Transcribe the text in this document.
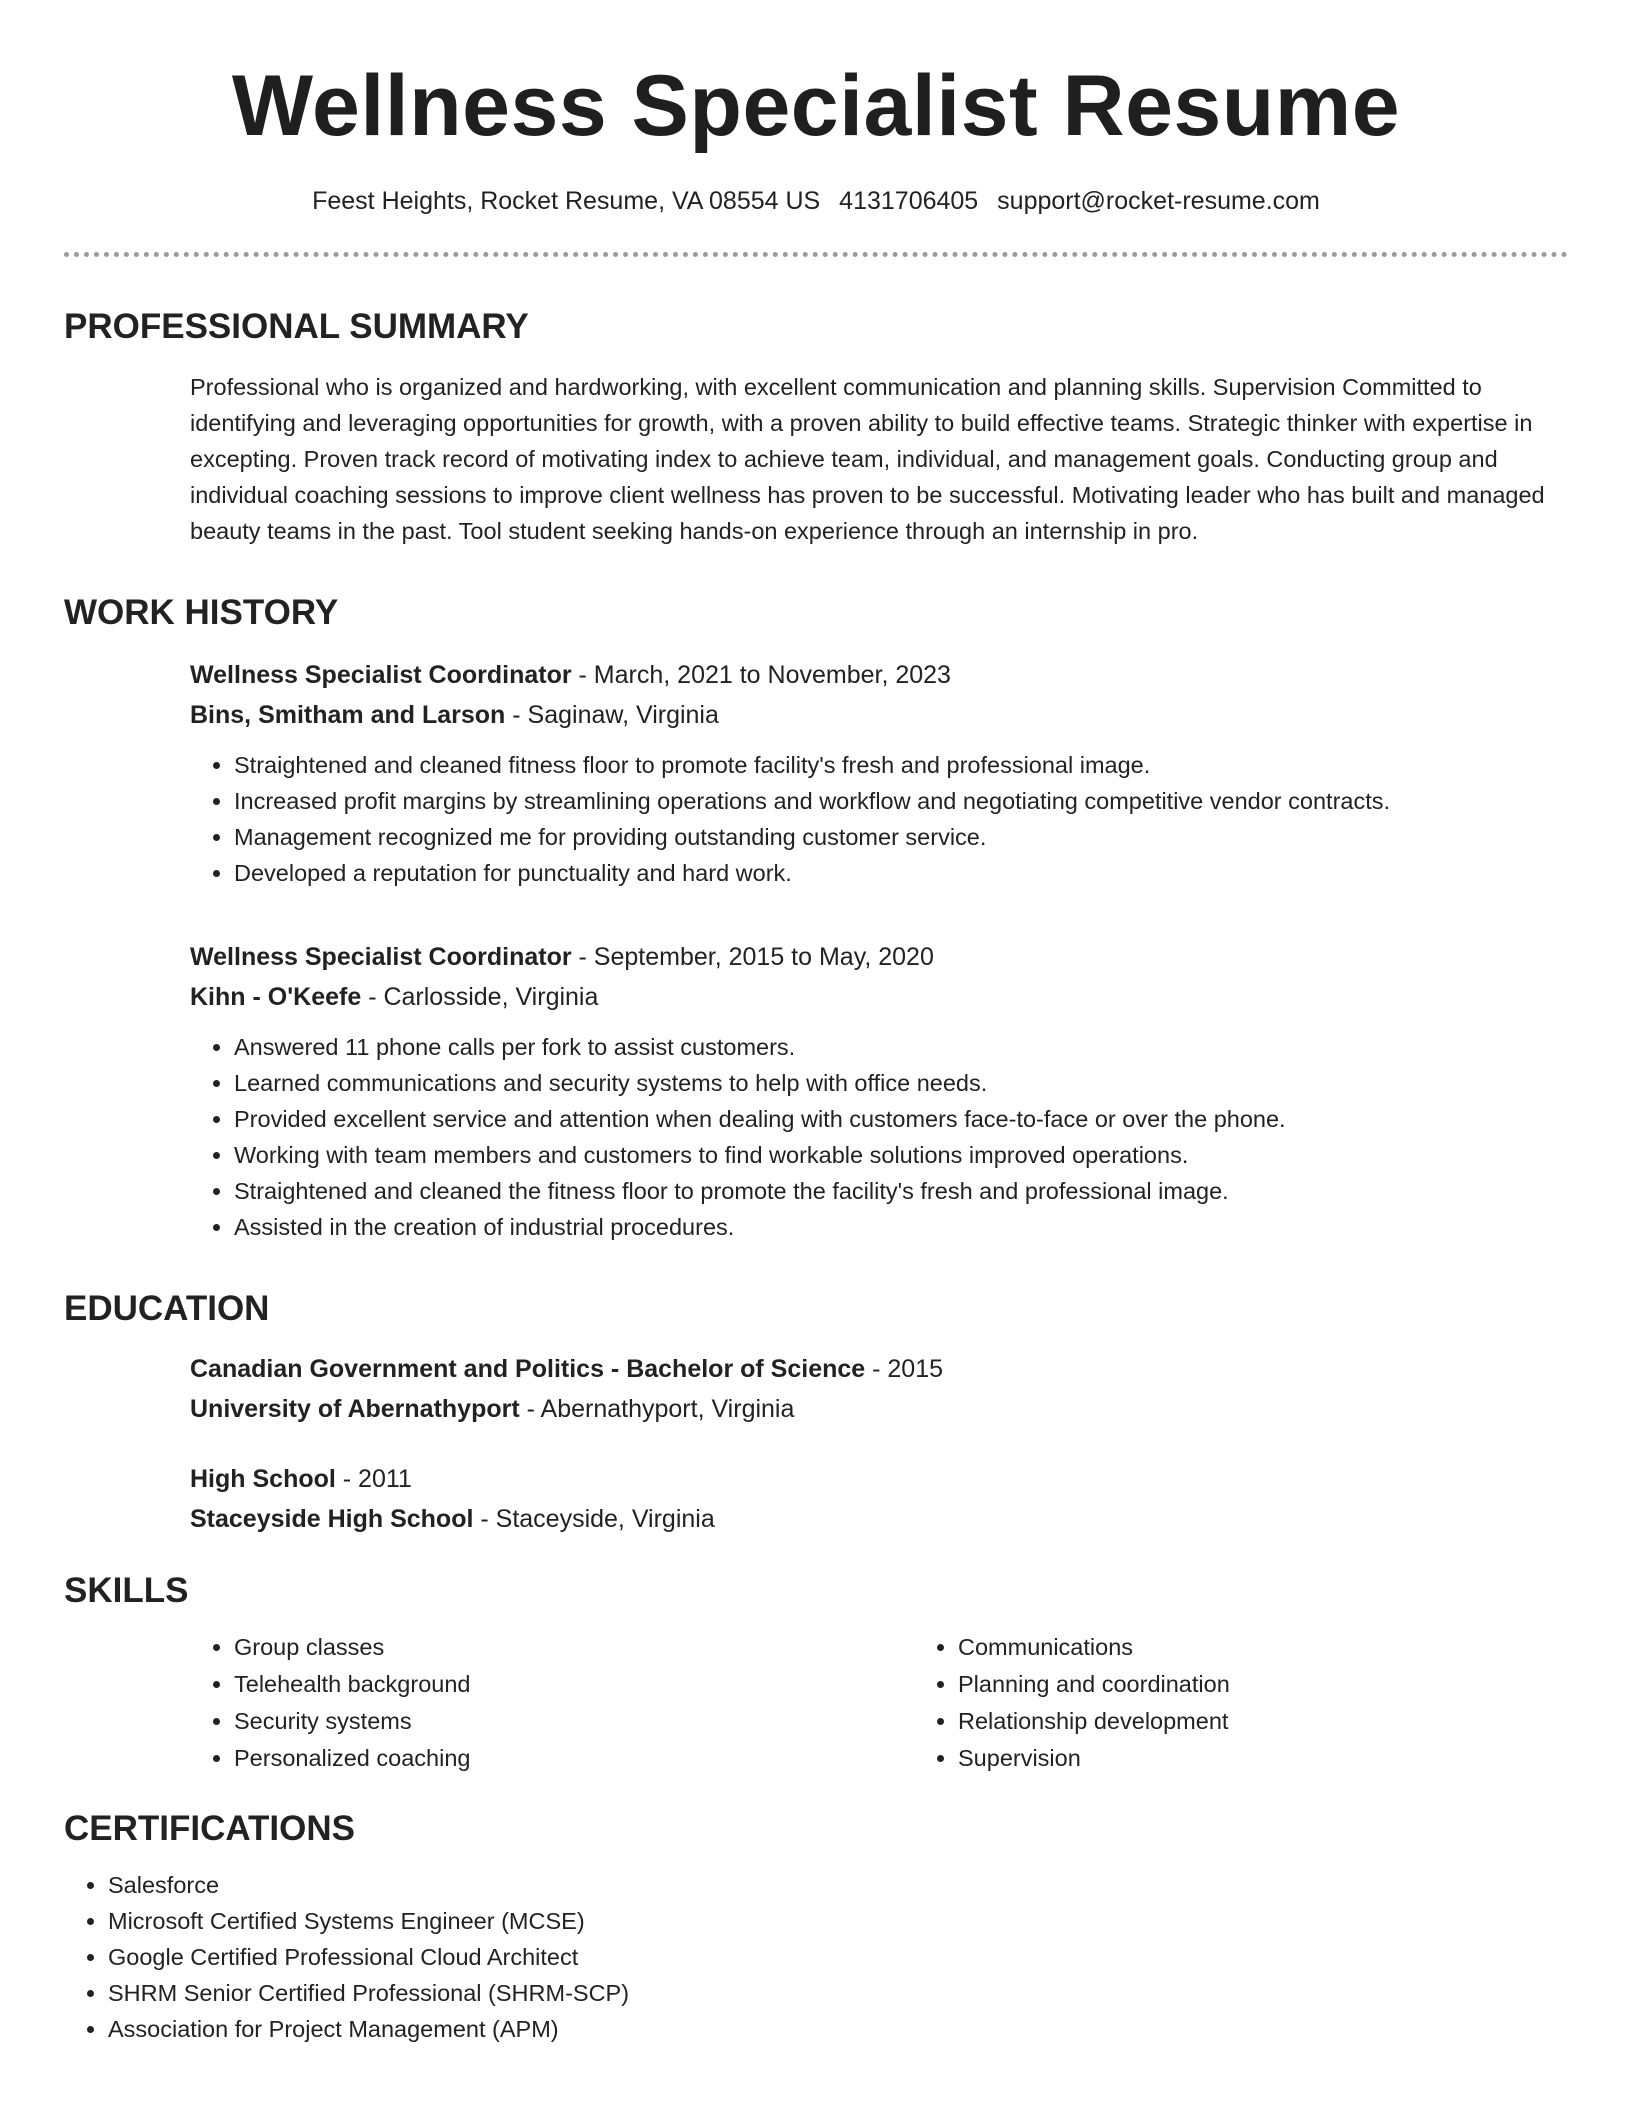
Wellness Specialist Resume
Feest Heights, Rocket Resume, VA 08554 US 4131706405 support@rocket-resume.com
PROFESSIONAL SUMMARY

Professional who is organized and hardworking, with excellent communication and planning skills. Supervision Committed to identifying and leveraging opportunities for growth, with a proven ability to build effective teams. Strategic thinker with expertise in excepting. Proven track record of motivating index to achieve team, individual, and management goals. Conducting group and individual coaching sessions to improve client wellness has proven to be successful. Motivating leader who has built and managed beauty teams in the past. Tool student seeking hands-on experience through an internship in pro.

WORK HISTORY
Wellness Specialist Coordinator - March, 2021 to November, 2023
Bins, Smitham and Larson - Saginaw, Virginia
• Straightened and cleaned fitness floor to promote facility's fresh and professional image.
• Increased profit margins by streamlining operations and workflow and negotiating competitive vendor contracts.
• Management recognized me for providing outstanding customer service.
• Developed a reputation for punctuality and hard work.
Wellness Specialist Coordinator - September, 2015 to May, 2020
Kihn - O'Keefe - Carlosside, Virginia
• Answered 11 phone calls per fork to assist customers.
• Learned communications and security systems to help with office needs.
• Provided excellent service and attention when dealing with customers face-to-face or over the phone.
• Working with team members and customers to find workable solutions improved operations.
• Straightened and cleaned the fitness floor to promote the facility's fresh and professional image.
• Assisted in the creation of industrial procedures.
EDUCATION
Canadian Government and Politics - Bachelor of Science - 2015
University of Abernathyport - Abernathyport, Virginia
High School - 2011
Staceyside High School - Staceyside, Virginia
SKILLS
• Group classes
• Telehealth background
• Security systems
• Personalized coaching
• Communications
• Planning and coordination
• Relationship development
• Supervision
CERTIFICATIONS
• Salesforce
• Microsoft Certified Systems Engineer (MCSE)
• Google Certified Professional Cloud Architect
• SHRM Senior Certified Professional (SHRM-SCP)
• Association for Project Management (APM)
